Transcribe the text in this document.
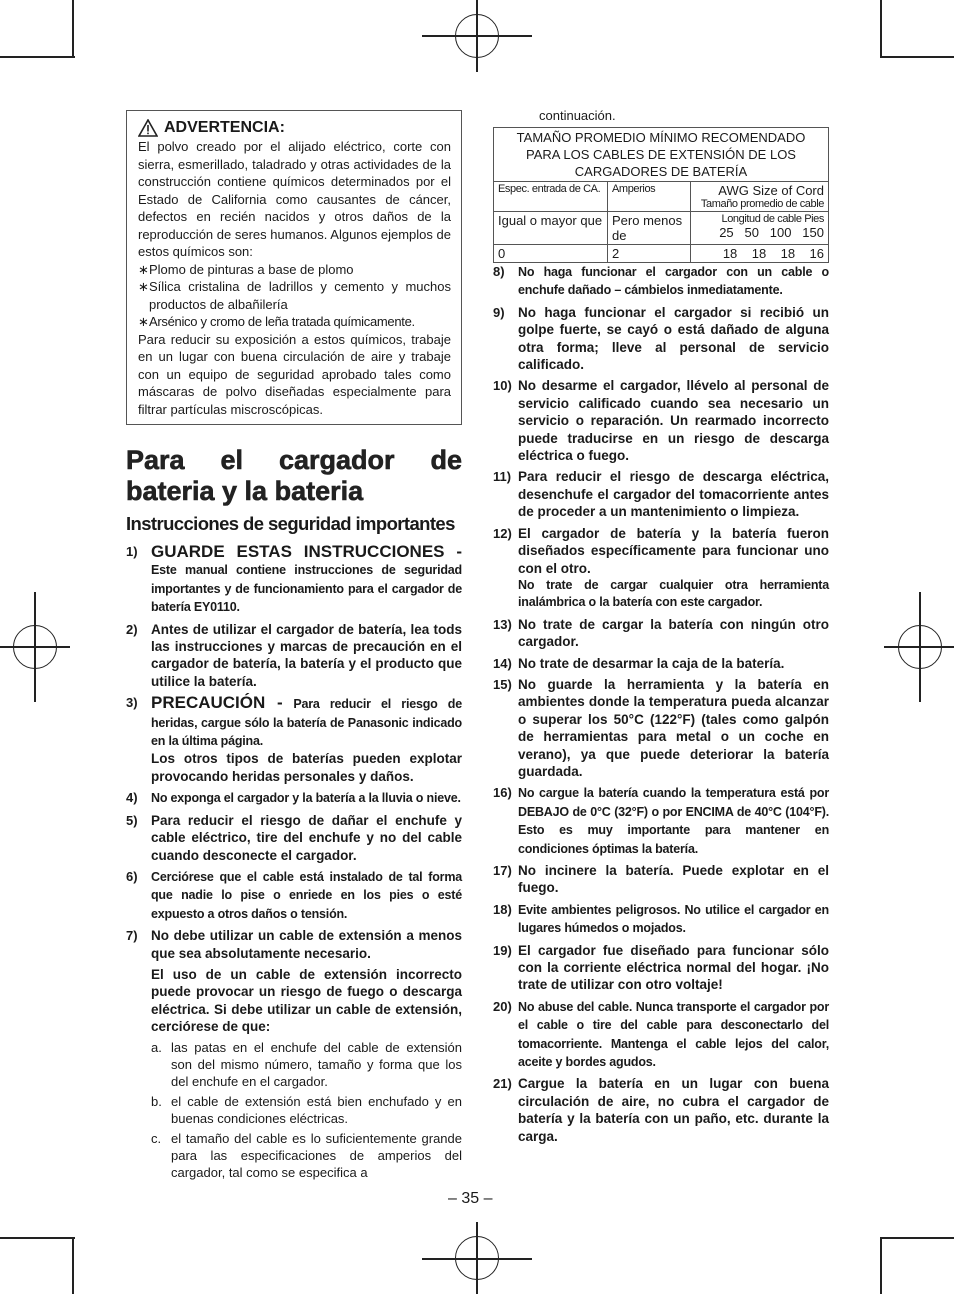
ADVERTENCIA:
El polvo creado por el alijado eléctrico, corte con sierra, esmerillado, taladrado y otras actividades de la construcción contiene químicos determinados por el Estado de California como causantes de cáncer, defectos en recién nacidos y otros daños de la reproducción de seres humanos. Algunos ejemplos de estos químicos son:
∗Plomo de pinturas a base de plomo
∗Sílica cristalina de ladrillos y cemento y muchos productos de albañilería
∗Arsénico y cromo de leña tratada químicamente.
Para reducir su exposición a estos químicos, trabaje en un lugar con buena circulación de aire y trabaje con un equipo de seguridad aprobado tales como máscaras de polvo diseñadas especialmente para filtrar partículas miscroscópicas.
Para el cargador de
bateria y la bateria
Instrucciones de seguridad importantes
1) GUARDE ESTAS INSTRUCCIONES - Este manual contiene instrucciones de seguridad importantes y de funcionamiento para el cargador de batería EY0110.
2) Antes de utilizar el cargador de batería, lea tods las instrucciones y marcas de precaución en el cargador de batería, la batería y el producto que utilice la batería.
3) PRECAUCIÓN - Para reducir el riesgo de heridas, cargue sólo la batería de Panasonic indicado en la última página.
Los otros tipos de baterías pueden explotar provocando heridas personales y daños.
4) No exponga el cargador y la batería a la lluvia o nieve.
5) Para reducir el riesgo de dañar el enchufe y cable eléctrico, tire del enchufe y no del cable cuando desconecte el cargador.
6) Cerciórese que el cable está instalado de tal forma que nadie lo pise o enriede en los pies o esté expuesto a otros daños o tensión.
7) No debe utilizar un cable de extensión a menos que sea absolutamente necesario.
El uso de un cable de extensión incorrecto puede provocar un riesgo de fuego o descarga eléctrica. Si debe utilizar un cable de extensión, cerciórese de que:
a. las patas en el enchufe del cable de extensión son del mismo número, tamaño y forma que los del enchufe en el cargador.
b. el cable de extensión está bien enchufado y en buenas condiciones eléctricas.
c. el tamaño del cable es lo suficientemente grande para las especificaciones de amperios del cargador, tal como se especifica a
continuación.
TAMAÑO PROMEDIO MÍNIMO RECOMENDADO PARA LOS CABLES DE EXTENSIÓN DE LOS CARGADORES DE BATERÍA		
Espec. entrada de CA.	Amperios	AWG Size of Cord
Tamaño promedio de cable

Igual o mayor que	Pero menos de	Longitud de cable Pies
25   50   100   150

0	2	18    18    18    16
8) No haga funcionar el cargador con un cable o enchufe dañado – cámbielos inmediatamente.
9) No haga funcionar el cargador si recibió un golpe fuerte, se cayó o está dañado de alguna otra forma; lleve al personal de servicio calificado.
10) No desarme el cargador, llévelo al personal de servicio calificado cuando sea necesario un servicio o reparación. Un rearmado incorrecto puede traducirse en un riesgo de descarga eléctrica o fuego.
11) Para reducir el riesgo de descarga eléctrica, desenchufe el cargador del tomacorriente antes de proceder a un mantenimiento o limpieza.
12) El cargador de batería y la batería fueron diseñados específicamente para funcionar uno con el otro.
No trate de cargar cualquier otra herramienta inalámbrica o la batería con este cargador.
13) No trate de cargar la batería con ningún otro cargador.
14) No trate de desarmar la caja de la batería.
15) No guarde la herramienta y la batería en ambientes donde la temperatura pueda alcanzar o superar los 50°C (122°F) (tales como galpón de herramientas para metal o un coche en verano), ya que puede deteriorar la batería guardada.
16) No cargue la batería cuando la temperatura está por DEBAJO de 0°C (32°F) o por ENCIMA de 40°C (104°F). Esto es muy importante para mantener en condiciones óptimas la batería.
17) No incinere la batería. Puede explotar en el fuego.
18) Evite ambientes peligrosos. No utilice el cargador en lugares húmedos o mojados.
19) El cargador fue diseñado para funcionar sólo con la corriente eléctrica normal del hogar. ¡No trate de utilizar con otro voltaje!
20) No abuse del cable. Nunca transporte el cargador por el cable o tire del cable para desconectarlo del tomacorriente. Mantenga el cable lejos del calor, aceite y bordes agudos.
21) Cargue la batería en un lugar con buena circulación de aire, no cubra el cargador de batería y la batería con un paño, etc. durante la carga.
– 35 –
